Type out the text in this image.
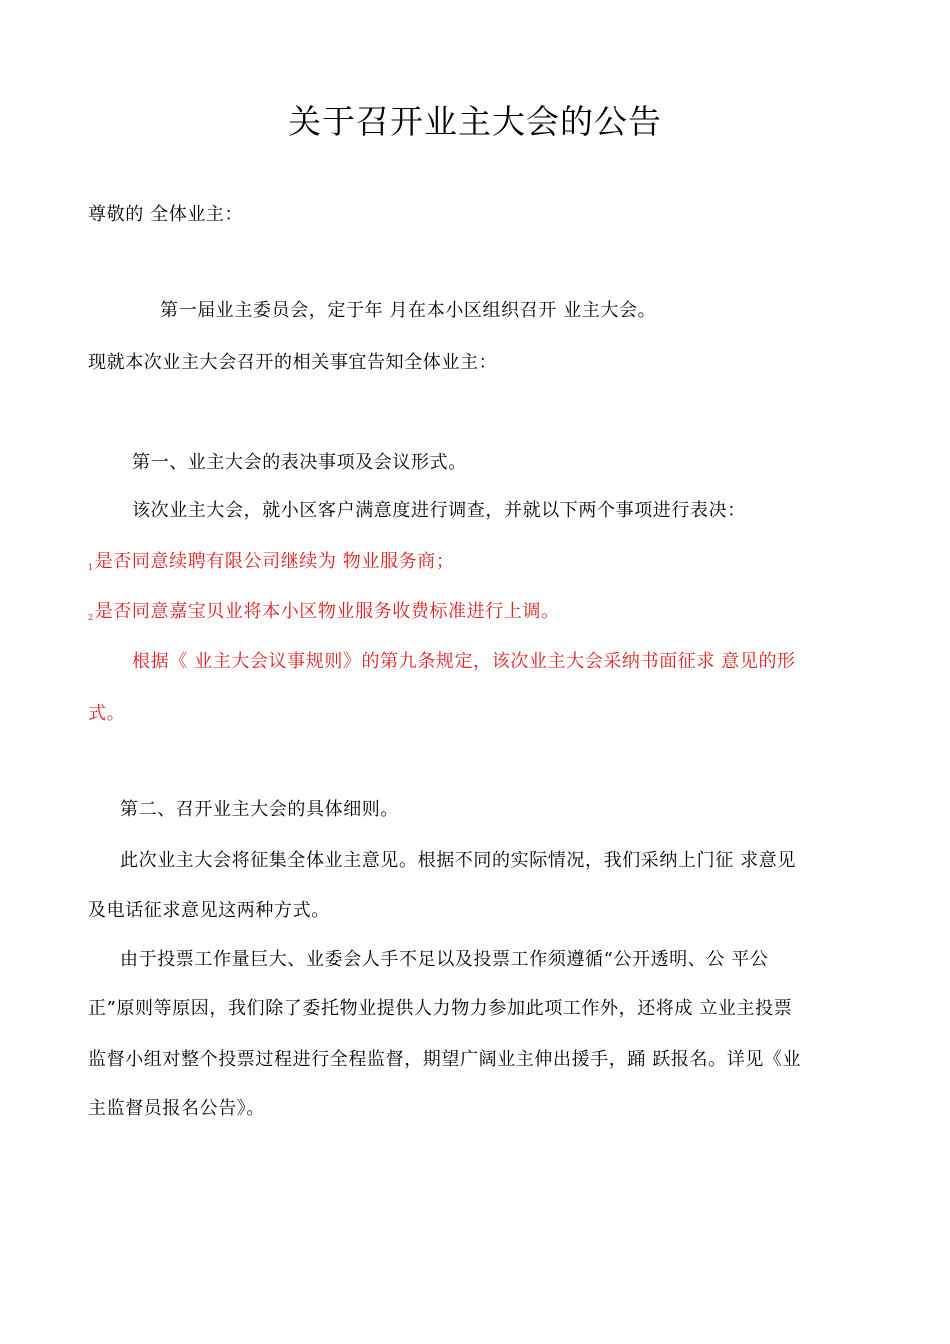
关于召开业主大会的公告
尊敬的 全体业主：
第一届业主委员会，定于年 月在本小区组织召开 业主大会。
现就本次业主大会召开的相关事宜告知全体业主：
第一、业主大会的表决事项及会议形式。
该次业主大会，就小区客户满意度进行调查，并就以下两个事项进行表决：
1是否同意续聘有限公司继续为 物业服务商；
2是否同意嘉宝贝业将本小区物业服务收费标准进行上调。
根据《 业主大会议事规则》的第九条规定，该次业主大会采纳书面征求 意见的形
式。
第二、召开业主大会的具体细则。
此次业主大会将征集全体业主意见。根据不同的实际情况，我们采纳上门征 求意见
及电话征求意见这两种方式。
由于投票工作量巨大、业委会人手不足以及投票工作须遵循“公开透明、公 平公
正”原则等原因，我们除了委托物业提供人力物力参加此项工作外，还将成 立业主投票
监督小组对整个投票过程进行全程监督，期望广阔业主伸出援手，踊 跃报名。详见《业
主监督员报名公告》。
